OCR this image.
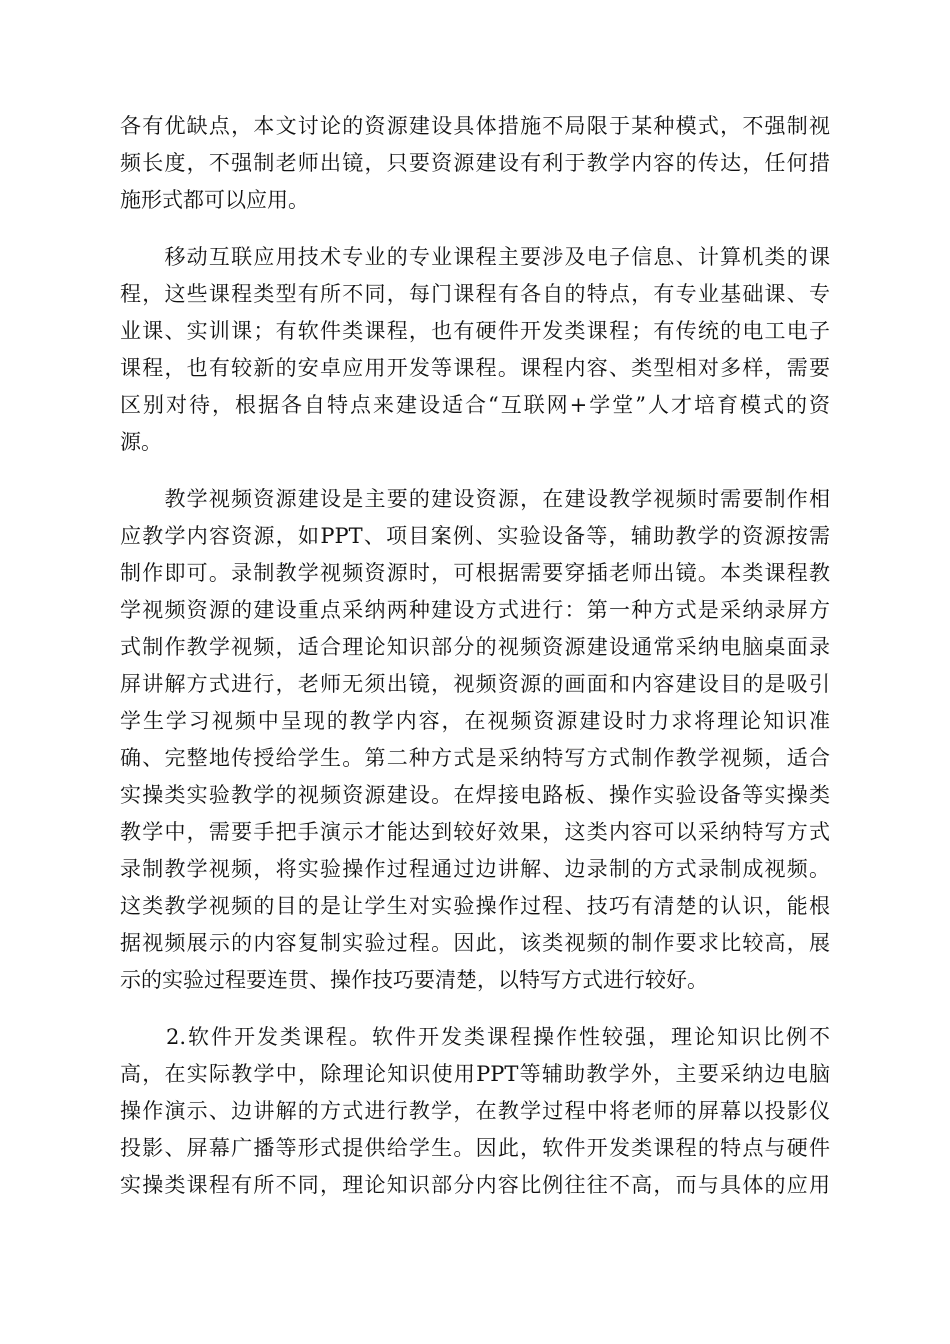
各有优缺点，本文讨论的资源建设具体措施不局限于某种模式，不强制视
频长度，不强制老师出镜，只要资源建设有利于教学内容的传达，任何措
施形式都可以应用。
　　移动互联应用技术专业的专业课程主要涉及电子信息、计算机类的课
程，这些课程类型有所不同，每门课程有各自的特点，有专业基础课、专
业课、实训课；有软件类课程，也有硬件开发类课程；有传统的电工电子
课程，也有较新的安卓应用开发等课程。课程内容、类型相对多样，需要
区别对待，根据各自特点来建设适合“互联网+学堂”人才培育模式的资
源。
　　教学视频资源建设是主要的建设资源，在建设教学视频时需要制作相
应教学内容资源，如PPT、项目案例、实验设备等，辅助教学的资源按需
制作即可。录制教学视频资源时，可根据需要穿插老师出镜。本类课程教
学视频资源的建设重点采纳两种建设方式进行：第一种方式是采纳录屏方
式制作教学视频，适合理论知识部分的视频资源建设通常采纳电脑桌面录
屏讲解方式进行，老师无须出镜，视频资源的画面和内容建设目的是吸引
学生学习视频中呈现的教学内容，在视频资源建设时力求将理论知识准
确、完整地传授给学生。第二种方式是采纳特写方式制作教学视频，适合
实操类实验教学的视频资源建设。在焊接电路板、操作实验设备等实操类
教学中，需要手把手演示才能达到较好效果，这类内容可以采纳特写方式
录制教学视频，将实验操作过程通过边讲解、边录制的方式录制成视频。
这类教学视频的目的是让学生对实验操作过程、技巧有清楚的认识，能根
据视频展示的内容复制实验过程。因此，该类视频的制作要求比较高，展
示的实验过程要连贯、操作技巧要清楚，以特写方式进行较好。
　　2.软件开发类课程。软件开发类课程操作性较强，理论知识比例不
高，在实际教学中，除理论知识使用PPT等辅助教学外，主要采纳边电脑
操作演示、边讲解的方式进行教学，在教学过程中将老师的屏幕以投影仪
投影、屏幕广播等形式提供给学生。因此，软件开发类课程的特点与硬件
实操类课程有所不同，理论知识部分内容比例往往不高，而与具体的应用
